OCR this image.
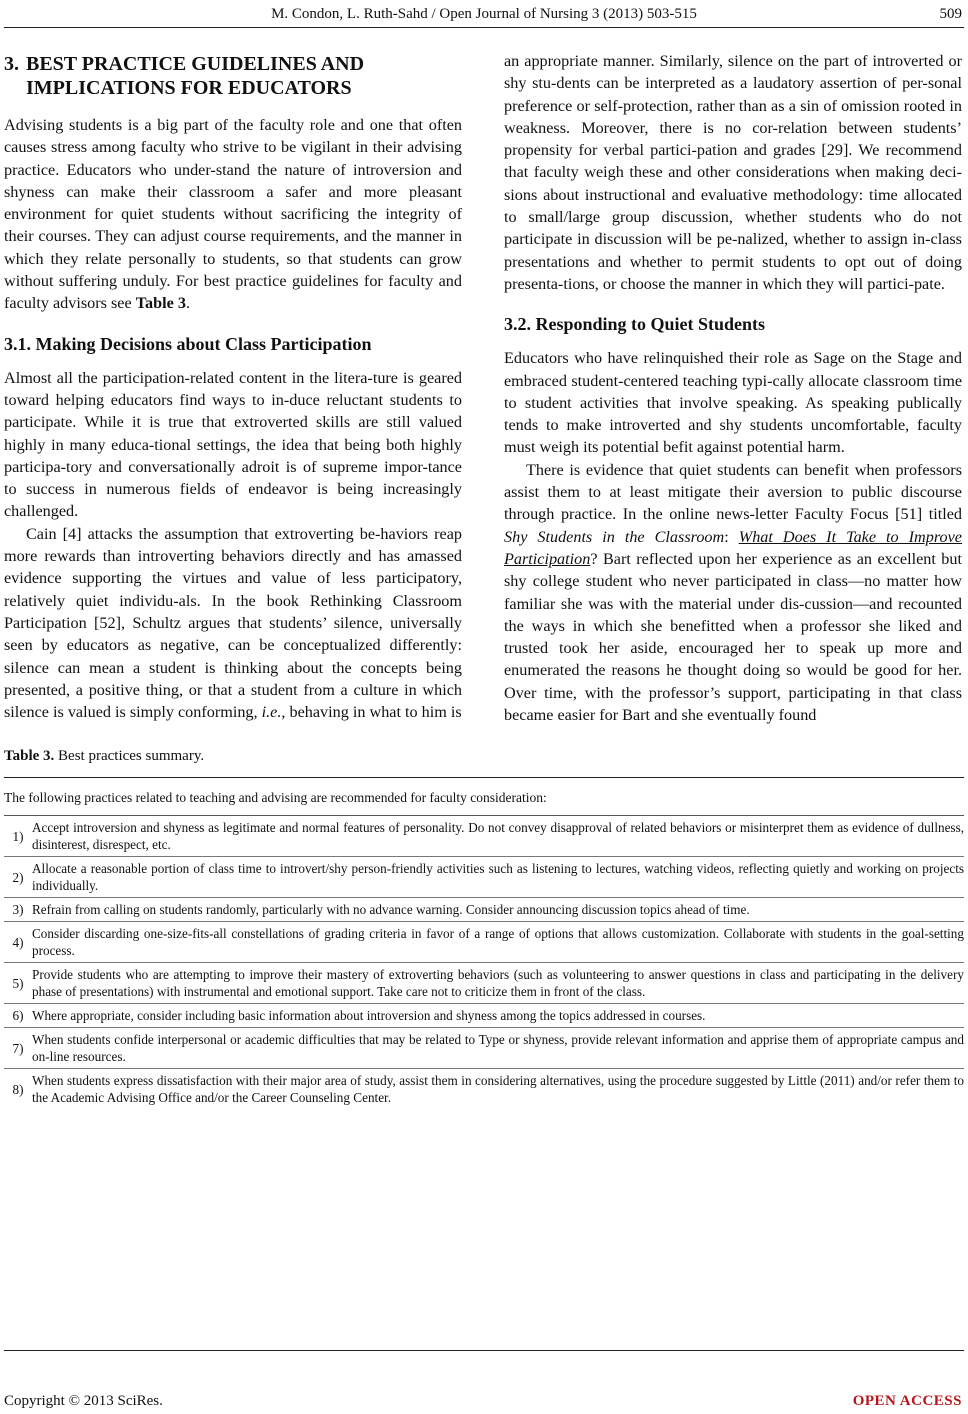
M. Condon, L. Ruth-Sahd / Open Journal of Nursing 3 (2013) 503-515	509
3. BEST PRACTICE GUIDELINES AND
IMPLICATIONS FOR EDUCATORS

Advising students is a big part of the faculty role and one that often causes stress among faculty who strive to be vigilant in their advising practice. Educators who under-stand the nature of introversion and shyness can make their classroom a safer and more pleasant environment for quiet students without sacrificing the integrity of their courses. They can adjust course requirements, and the manner in which they relate personally to students, so that students can grow without suffering unduly. For best practice guidelines for faculty and faculty advisors see Table 3.

3.1. Making Decisions about Class Participation

Almost all the participation-related content in the litera-ture is geared toward helping educators find ways to in-duce reluctant students to participate. While it is true that extroverted skills are still valued highly in many educa-tional settings, the idea that being both highly participa-tory and conversationally adroit is of supreme impor-tance to success in numerous fields of endeavor is being increasingly challenged.

Cain [4] attacks the assumption that extroverting be-haviors reap more rewards than introverting behaviors directly and has amassed evidence supporting the virtues and value of less participatory, relatively quiet individu-als. In the book Rethinking Classroom Participation [52], Schultz argues that students’ silence, universally seen by educators as negative, can be conceptualized differently: silence can mean a student is thinking about the concepts being presented, a positive thing, or that a student from a culture in which silence is valued is simply conforming, i.e., behaving in what to him is

an appropriate manner. Similarly, silence on the part of introverted or shy stu-dents can be interpreted as a laudatory assertion of per-sonal preference or self-protection, rather than as a sin of omission rooted in weakness. Moreover, there is no cor-relation between students’ propensity for verbal partici-pation and grades [29]. We recommend that faculty weigh these and other considerations when making deci-sions about instructional and evaluative methodology: time allocated to small/large group discussion, whether students who do not participate in discussion will be pe-nalized, whether to assign in-class presentations and whether to permit students to opt out of doing presenta-tions, or choose the manner in which they will partici-pate.

3.2. Responding to Quiet Students

Educators who have relinquished their role as Sage on the Stage and embraced student-centered teaching typi-cally allocate classroom time to student activities that involve speaking. As speaking publically tends to make introverted and shy students uncomfortable, faculty must weigh its potential befit against potential harm.

There is evidence that quiet students can benefit when professors assist them to at least mitigate their aversion to public discourse through practice. In the online news-letter Faculty Focus [51] titled Shy Students in the Classroom: What Does It Take to Improve Participation? Bart reflected upon her experience as an excellent but shy college student who never participated in class—no matter how familiar she was with the material under dis-cussion—and recounted the ways in which she benefitted when a professor she liked and trusted took her aside, encouraged her to speak up more and enumerated the reasons he thought doing so would be good for her. Over time, with the professor’s support, participating in that class became easier for Bart and she eventually found

Table 3. Best practices summary.
The following practices related to teaching and advising are recommended for faculty consideration:
1)
Accept introversion and shyness as legitimate and normal features of personality. Do not convey disapproval of related behaviors or misinterpret them as evidence of dullness, disinterest, disrespect, etc.
2)
Allocate a reasonable portion of class time to introvert/shy person-friendly activities such as listening to lectures, watching videos, reflecting quietly and working on projects individually.
3) Refrain from calling on students randomly, particularly with no advance warning. Consider announcing discussion topics ahead of time.
4)
Consider discarding one-size-fits-all constellations of grading criteria in favor of a range of options that allows customization. Collaborate with students in the goal-setting process.
5)
Provide students who are attempting to improve their mastery of extroverting behaviors (such as volunteering to answer questions in class and participating in the delivery phase of presentations) with instrumental and emotional support. Take care not to criticize them in front of the class.
6) Where appropriate, consider including basic information about introversion and shyness among the topics addressed in courses.
7)
When students confide interpersonal or academic difficulties that may be related to Type or shyness, provide relevant information and apprise them of appropriate campus and on-line resources.
8)
When students express dissatisfaction with their major area of study, assist them in considering alternatives, using the procedure suggested by Little (2011) and/or refer them to the Academic Advising Office and/or the Career Counseling Center.
Copyright © 2013 SciRes.	OPEN ACCESS
